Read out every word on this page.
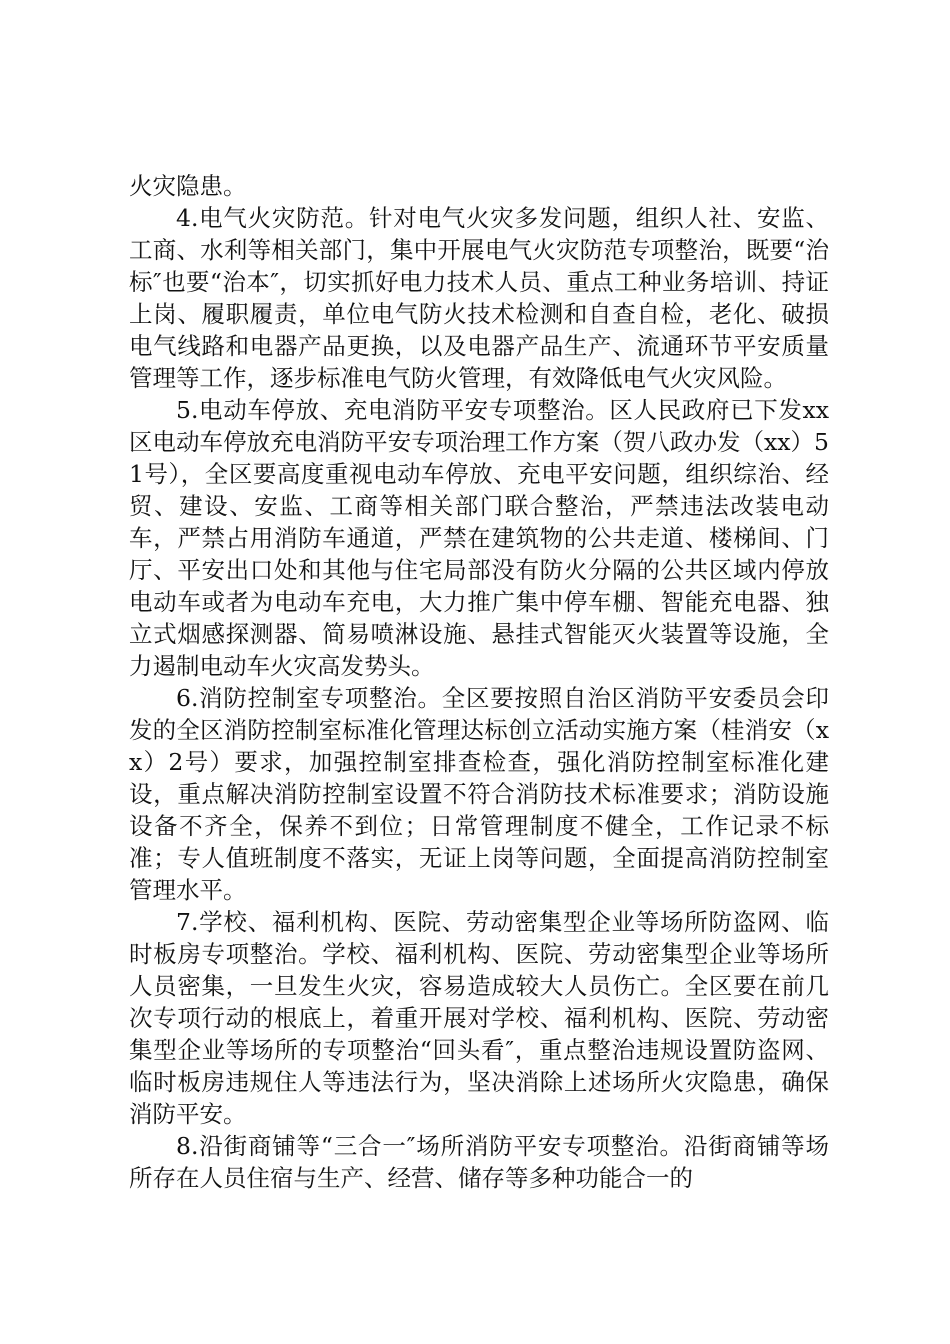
火灾隐患。

4.电气火灾防范。针对电气火灾多发问题，组织人社、安监、工商、水利等相关部门，集中开展电气火灾防范专项整治，既要“治标″也要“治本″，切实抓好电力技术人员、重点工种业务培训、持证上岗、履职履责，单位电气防火技术检测和自查自检，老化、破损电气线路和电器产品更换，以及电器产品生产、流通环节平安质量管理等工作，逐步标准电气防火管理，有效降低电气火灾风险。

5.电动车停放、充电消防平安专项整治。区人民政府已下发xx区电动车停放充电消防平安专项治理工作方案（贺八政办发（xx）51号），全区要高度重视电动车停放、充电平安问题，组织综治、经贸、建设、安监、工商等相关部门联合整治，严禁违法改装电动车，严禁占用消防车通道，严禁在建筑物的公共走道、楼梯间、门厅、平安出口处和其他与住宅局部没有防火分隔的公共区域内停放电动车或者为电动车充电，大力推广集中停车棚、智能充电器、独立式烟感探测器、简易喷淋设施、悬挂式智能灭火装置等设施，全力遏制电动车火灾高发势头。

6.消防控制室专项整治。全区要按照自治区消防平安委员会印发的全区消防控制室标准化管理达标创立活动实施方案（桂消安（xx）2号）要求，加强控制室排查检查，强化消防控制室标准化建设，重点解决消防控制室设置不符合消防技术标准要求；消防设施设备不齐全，保养不到位；日常管理制度不健全，工作记录不标准；专人值班制度不落实，无证上岗等问题，全面提高消防控制室管理水平。

7.学校、福利机构、医院、劳动密集型企业等场所防盗网、临时板房专项整治。学校、福利机构、医院、劳动密集型企业等场所人员密集，一旦发生火灾，容易造成较大人员伤亡。全区要在前几次专项行动的根底上，着重开展对学校、福利机构、医院、劳动密集型企业等场所的专项整治“回头看″，重点整治违规设置防盗网、临时板房违规住人等违法行为，坚决消除上述场所火灾隐患，确保消防平安。

8.沿街商铺等“三合一″场所消防平安专项整治。沿街商铺等场所存在人员住宿与生产、经营、储存等多种功能合一的
